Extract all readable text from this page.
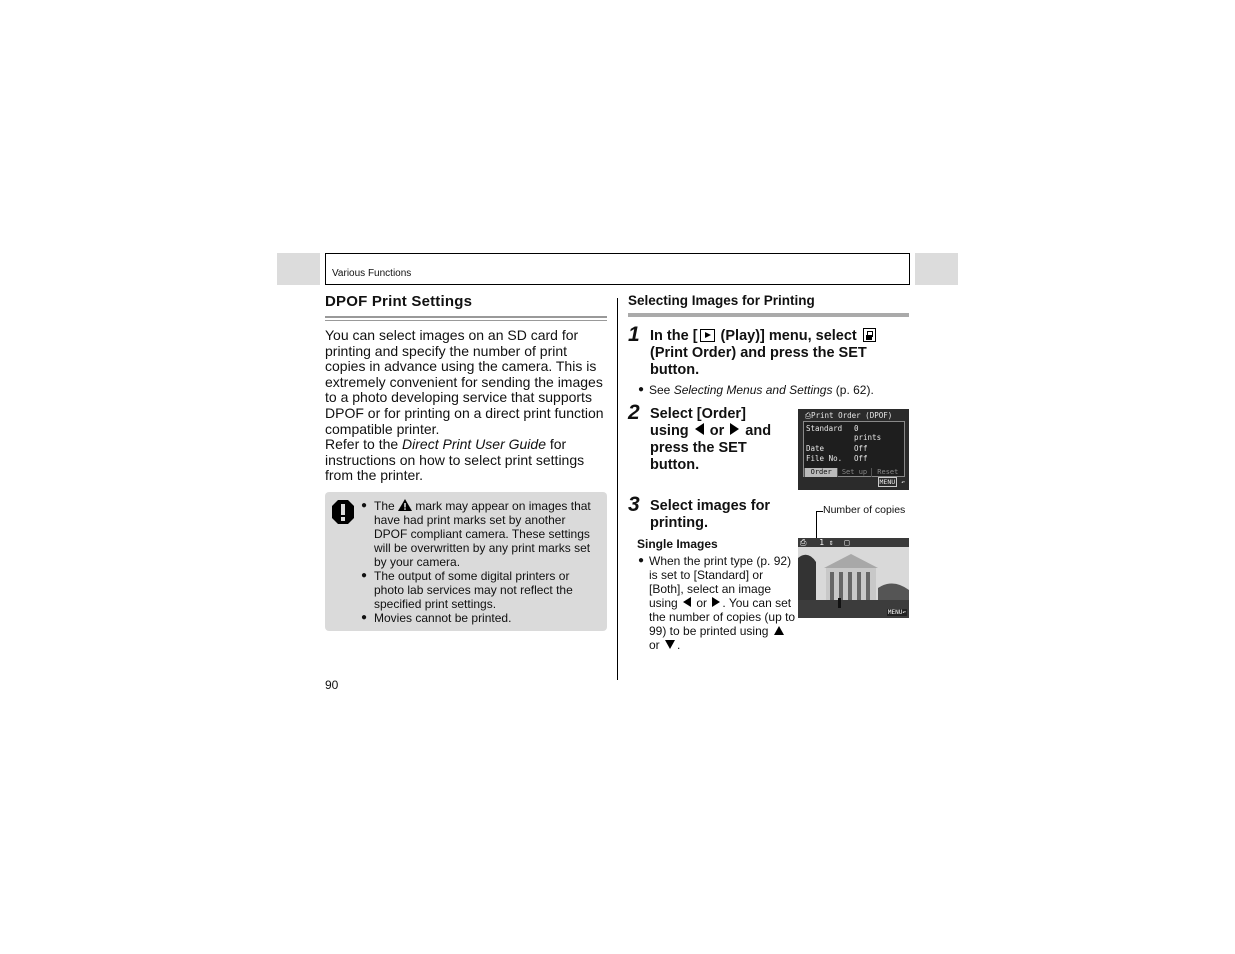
Various Functions
DPOF Print Settings

You can select images on an SD card for printing and specify the number of print copies in advance using the camera. This is extremely convenient for sending the images to a photo developing service that supports DPOF or for printing on a direct print function compatible printer.

Refer to the Direct Print User Guide for instructions on how to select print settings from the printer.

● The  mark may appear on images that have had print marks set by another DPOF compliant camera. These settings will be overwritten by any print marks set by your camera.
● The output of some digital printers or photo lab services may not reflect the specified print settings.
● Movies cannot be printed.
90
Selecting Images for Printing
1 In the [
(Play)] menu, select
(Print Order) and press the SET button.
● See Selecting Menus and Settings (p. 62).
2 Select [Order]
using  or  and press the SET button.
⎙Print Order (DPOF)
Standard 0 prints
Date	Off
File No. Off
Order	Set up	Reset
MENU ↶
3 Select images for printing.
Single Images
● When the print type (p. 92) is set to [Standard] or [Both], select an image using  or . You can set the number of copies (up to 99) to be printed using  or .
Number of copies
⎙ 1 ⇕ □
MENU↶
